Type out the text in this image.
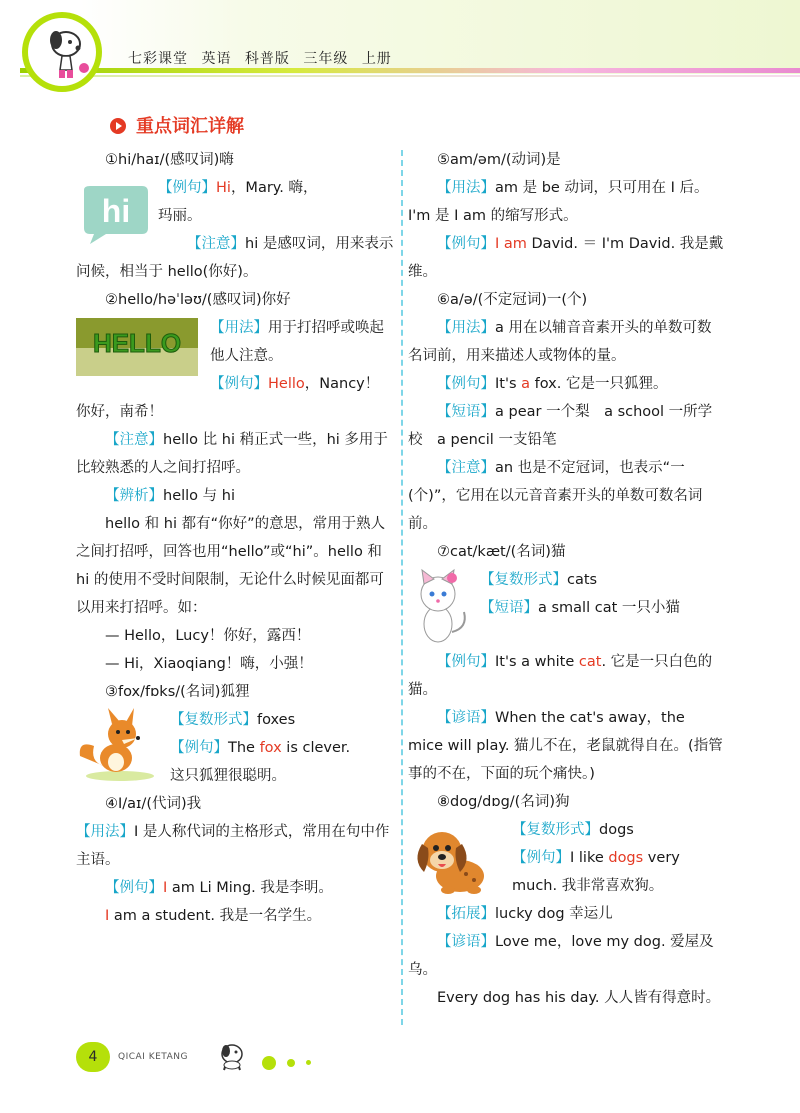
七彩课堂 英语 科普版 三年级 上册
重点词汇详解

①hi/haɪ/(感叹词)嗨

hi

【例句】Hi，Mary. 嗨，
玛丽。

【注意】hi 是感叹词，用来表示问候，相当于 hello(你好)。

②hello/həˈləʊ/(感叹词)你好

HELLO	【用法】用于打招呼或唤起他人注意。

【例句】Hello，Nancy！

你好，南希！

【注意】hello 比 hi 稍正式一些，hi 多用于比较熟悉的人之间打招呼。

【辨析】hello 与 hi

hello 和 hi 都有“你好”的意思，常用于熟人之间打招呼，回答也用“hello”或“hi”。hello 和 hi 的使用不受时间限制，无论什么时候见面都可以用来打招呼。如：

— Hello，Lucy！你好，露西！

— Hi，Xiaoqiang！嗨，小强！

③fox/fɒks/(名词)狐狸

【复数形式】foxes

【例句】The fox is clever.
这只狐狸很聪明。

④I/aɪ/(代词)我

【用法】I 是人称代词的主格形式，常用在句中作主语。

【例句】I am Li Ming. 我是李明。

I am a student. 我是一名学生。

⑤am/əm/(动词)是

【用法】am 是 be 动词，只可用在 I 后。I'm 是 I am 的缩写形式。

【例句】I am David. ＝ I'm David. 我是戴维。

⑥a/ə/(不定冠词)一(个)

【用法】a 用在以辅音音素开头的单数可数名词前，用来描述人或物体的量。

【例句】It's a fox. 它是一只狐狸。

【短语】a pear 一个梨　a school 一所学校　a pencil 一支铅笔

【注意】an 也是不定冠词，也表示“一(个)”，它用在以元音音素开头的单数可数名词前。

⑦cat/kæt/(名词)猫

【复数形式】cats

【短语】a small cat 一只小猫

【例句】It's a white cat. 它是一只白色的猫。

【谚语】When the cat's away，the mice will play. 猫儿不在，老鼠就得自在。(指管事的不在，下面的玩个痛快。)

⑧dog/dɒg/(名词)狗

【复数形式】dogs

【例句】I like dogs very much. 我非常喜欢狗。

【拓展】lucky dog 幸运儿

【谚语】Love me，love my dog. 爱屋及乌。

Every dog has his day. 人人皆有得意时。

4	QICAI KETANG
